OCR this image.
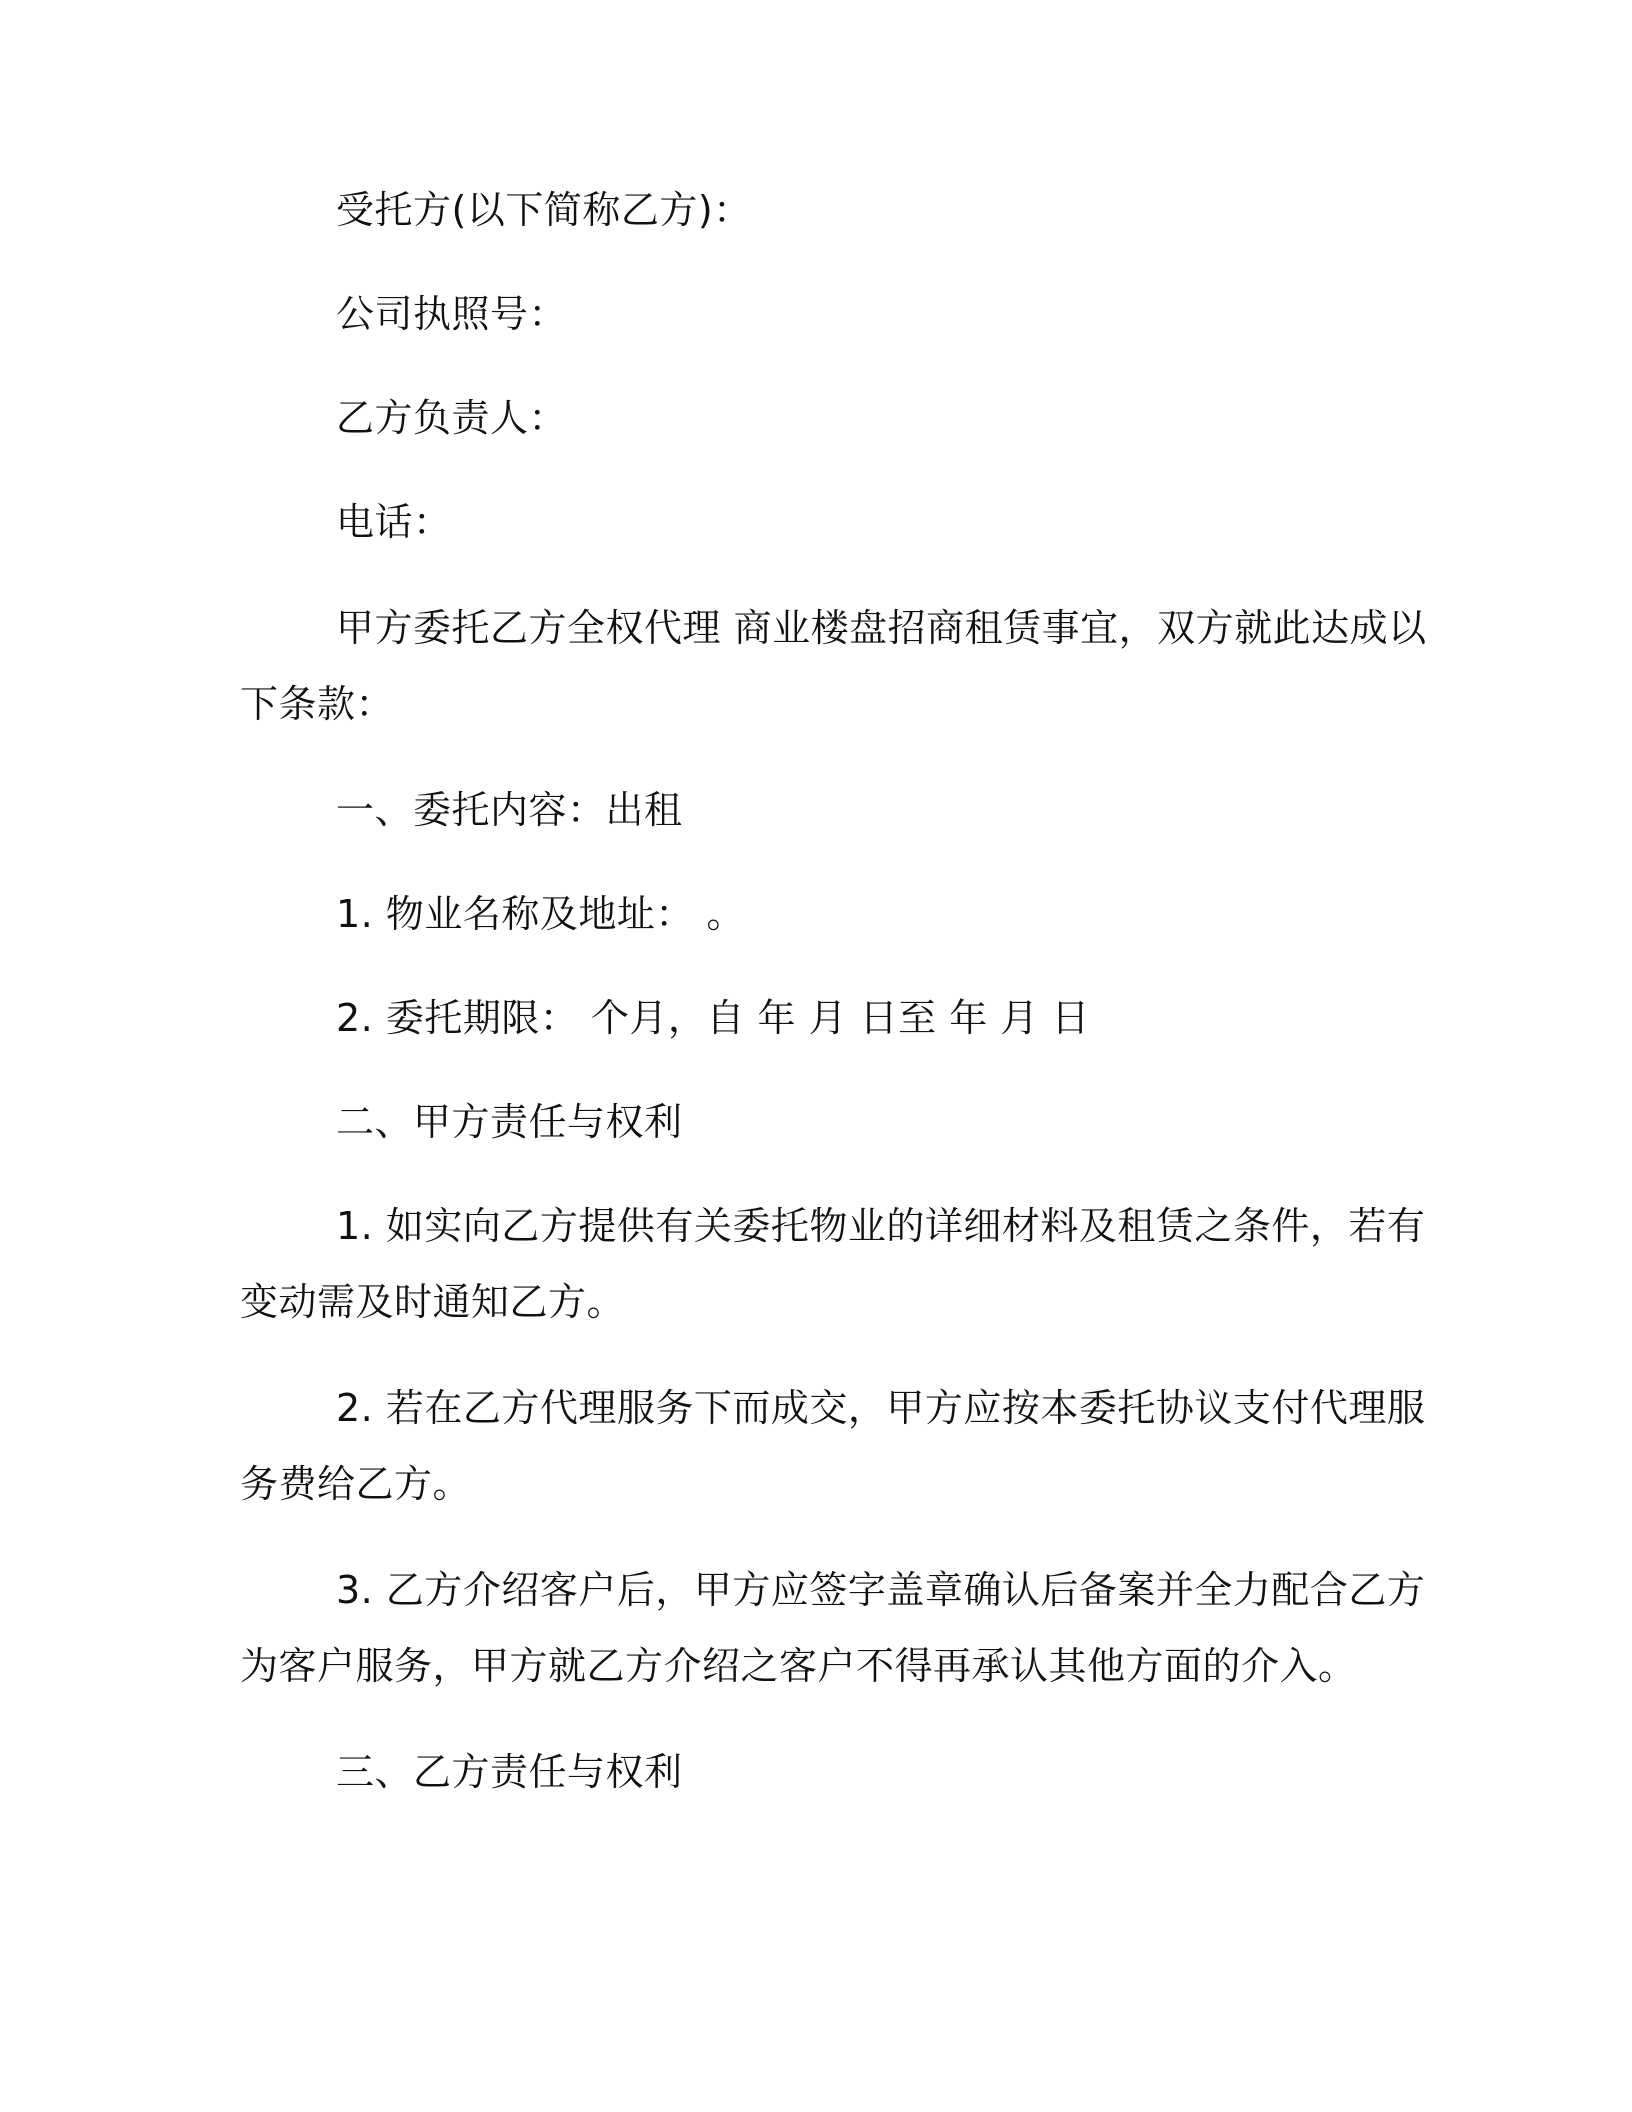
受托方(以下简称乙方)：

公司执照号：

乙方负责人：

电话：

甲方委托乙方全权代理 商业楼盘招商租赁事宜，双方就此达成以
下条款：

一、委托内容：出租

1. 物业名称及地址： 。

2. 委托期限： 个月，自 年 月 日至 年 月 日

二、甲方责任与权利

1. 如实向乙方提供有关委托物业的详细材料及租赁之条件，若有
变动需及时通知乙方。

2. 若在乙方代理服务下而成交，甲方应按本委托协议支付代理服
务费给乙方。

3. 乙方介绍客户后，甲方应签字盖章确认后备案并全力配合乙方
为客户服务，甲方就乙方介绍之客户不得再承认其他方面的介入。

三、乙方责任与权利
